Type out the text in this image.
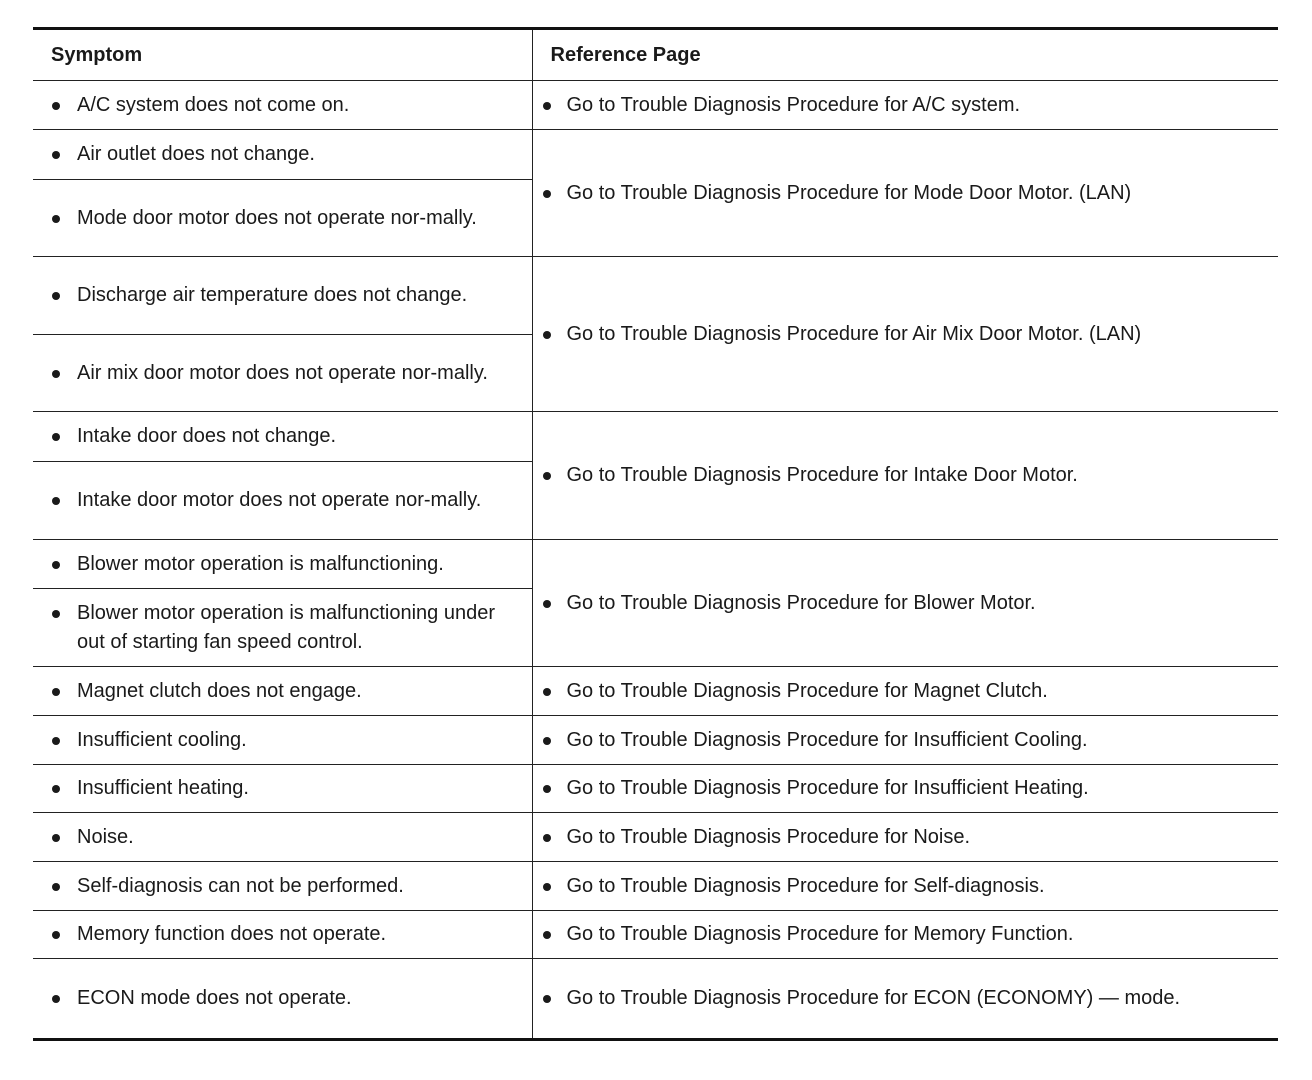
Symptom	Reference Page

A/C system does not come on.	Go to Trouble Diagnosis Procedure for A/C system.

Air outlet does not change.	Go to Trouble Diagnosis Procedure for Mode Door Motor. (LAN)

Mode door motor does not operate nor-mally.	

Discharge air temperature does not change.	Go to Trouble Diagnosis Procedure for Air Mix Door Motor. (LAN)

Air mix door motor does not operate nor-mally.	

Intake door does not change.	Go to Trouble Diagnosis Procedure for Intake Door Motor.

Intake door motor does not operate nor-mally.	

Blower motor operation is malfunctioning.	Go to Trouble Diagnosis Procedure for Blower Motor.

Blower motor operation is malfunctioning under out of starting fan speed control.	

Magnet clutch does not engage.	Go to Trouble Diagnosis Procedure for Magnet Clutch.

Insufficient cooling.	Go to Trouble Diagnosis Procedure for Insufficient Cooling.

Insufficient heating.	Go to Trouble Diagnosis Procedure for Insufficient Heating.

Noise.	Go to Trouble Diagnosis Procedure for Noise.

Self-diagnosis can not be performed.	Go to Trouble Diagnosis Procedure for Self-diagnosis.

Memory function does not operate.	Go to Trouble Diagnosis Procedure for Memory Function.

ECON mode does not operate.	Go to Trouble Diagnosis Procedure for ECON (ECONOMY) — mode.
